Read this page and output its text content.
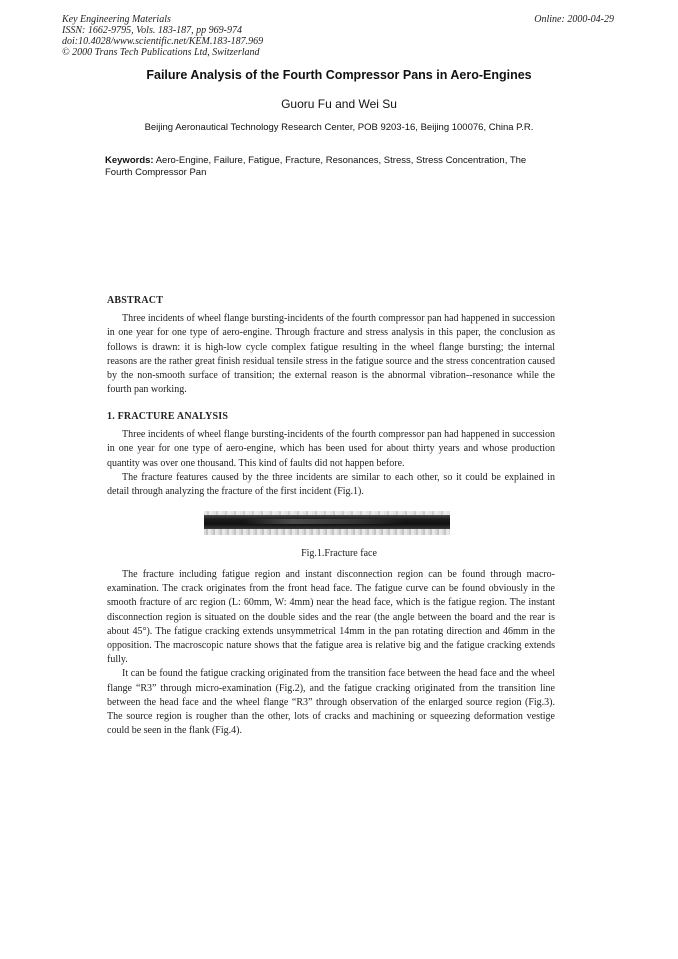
Key Engineering Materials
ISSN: 1662-9795, Vols. 183-187, pp 969-974
doi:10.4028/www.scientific.net/KEM.183-187.969
© 2000 Trans Tech Publications Ltd, Switzerland
Online: 2000-04-29
Failure Analysis of the Fourth Compressor Pans in Aero-Engines
Guoru Fu and Wei Su
Beijing Aeronautical Technology Research Center, POB 9203-16, Beijing 100076, China P.R.
Keywords: Aero-Engine, Failure, Fatigue, Fracture, Resonances, Stress, Stress Concentration, The Fourth Compressor Pan
ABSTRACT

Three incidents of wheel flange bursting-incidents of the fourth compressor pan had happened in succession in one year for one type of aero-engine. Through fracture and stress analysis in this paper, the conclusion as follows is drawn: it is high-low cycle complex fatigue resulting in the wheel flange bursting; the internal reasons are the rather great finish residual tensile stress in the fatigue source and the stress concentration caused by the non-smooth surface of transition; the external reason is the abnormal vibration--resonance while the fourth pan working.

1. FRACTURE ANALYSIS

Three incidents of wheel flange bursting-incidents of the fourth compressor pan had happened in succession in one year for one type of aero-engine, which has been used for about thirty years and whose production quantity was over one thousand. This kind of faults did not happen before.

The fracture features caused by the three incidents are similar to each other, so it could be explained in detail through analyzing the fracture of the first incident (Fig.1).

Fig.1.Fracture face

The fracture including fatigue region and instant disconnection region can be found through macro-examination. The crack originates from the front head face. The fatigue curve can be found obviously in the smooth fracture of arc region (L: 60mm, W: 4mm) near the head face, which is the fatigue region. The instant disconnection region is situated on the double sides and the rear (the angle between the board and the rear is about 45°). The fatigue cracking extends unsymmetrical 14mm in the pan rotating direction and 46mm in the opposition. The macroscopic nature shows that the fatigue area is relative big and the fatigue cracking extends fully.

It can be found the fatigue cracking originated from the transition face between the head face and the wheel flange “R3” through micro-examination (Fig.2), and the fatigue cracking originated from the transition line between the head face and the wheel flange “R3” through observation of the enlarged source region (Fig.3). The source region is rougher than the other, lots of cracks and machining or squeezing deformation vestige could be seen in the flank (Fig.4).
